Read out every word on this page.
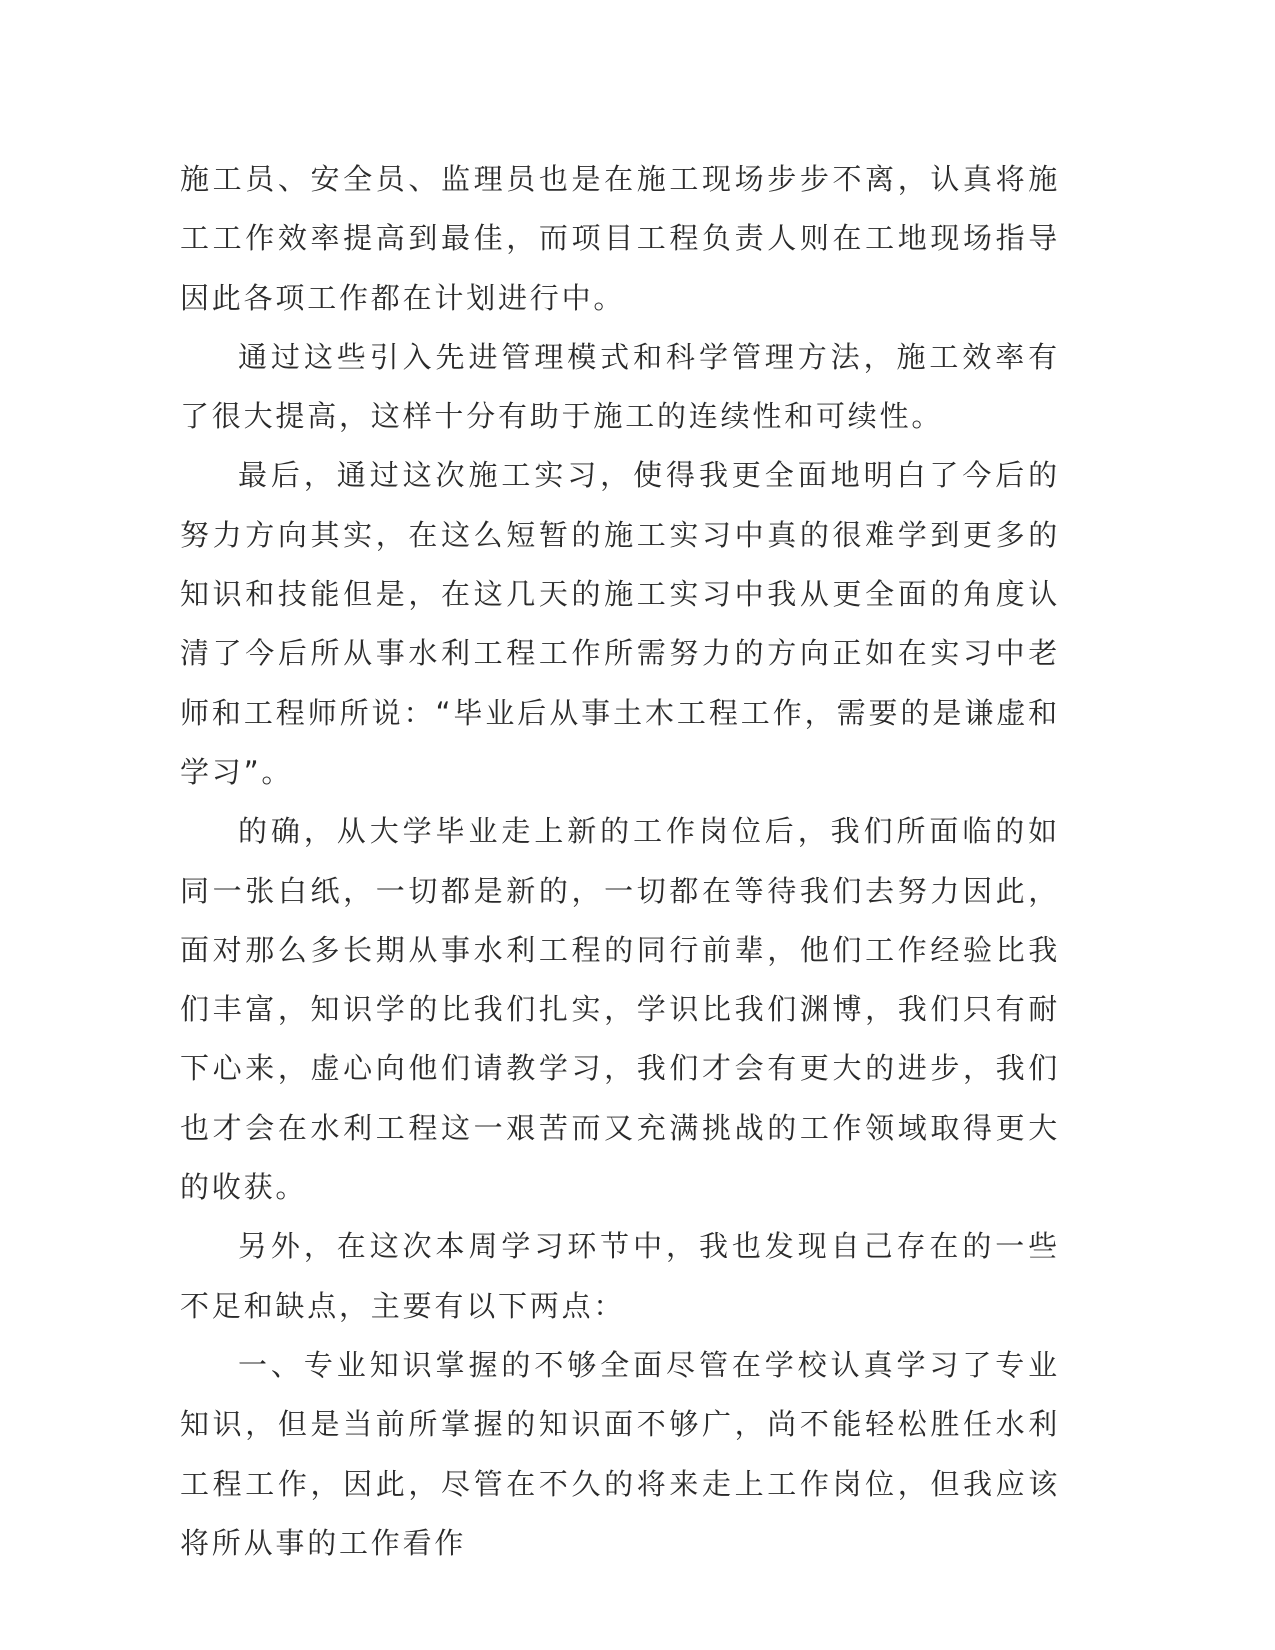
施工员、安全员、监理员也是在施工现场步步不离，认真将施工工作效率提高到最佳，而项目工程负责人则在工地现场指导因此各项工作都在计划进行中。

通过这些引入先进管理模式和科学管理方法，施工效率有了很大提高，这样十分有助于施工的连续性和可续性。

最后，通过这次施工实习，使得我更全面地明白了今后的努力方向其实，在这么短暂的施工实习中真的很难学到更多的知识和技能但是，在这几天的施工实习中我从更全面的角度认清了今后所从事水利工程工作所需努力的方向正如在实习中老师和工程师所说：“毕业后从事土木工程工作，需要的是谦虚和学习”。

的确，从大学毕业走上新的工作岗位后，我们所面临的如同一张白纸，一切都是新的，一切都在等待我们去努力因此，面对那么多长期从事水利工程的同行前辈，他们工作经验比我们丰富，知识学的比我们扎实，学识比我们渊博，我们只有耐下心来，虚心向他们请教学习，我们才会有更大的进步，我们也才会在水利工程这一艰苦而又充满挑战的工作领域取得更大的收获。

另外，在这次本周学习环节中，我也发现自己存在的一些不足和缺点，主要有以下两点：

一、专业知识掌握的不够全面尽管在学校认真学习了专业知识，但是当前所掌握的知识面不够广，尚不能轻松胜任水利工程工作，因此，尽管在不久的将来走上工作岗位，但我应该将所从事的工作看作
